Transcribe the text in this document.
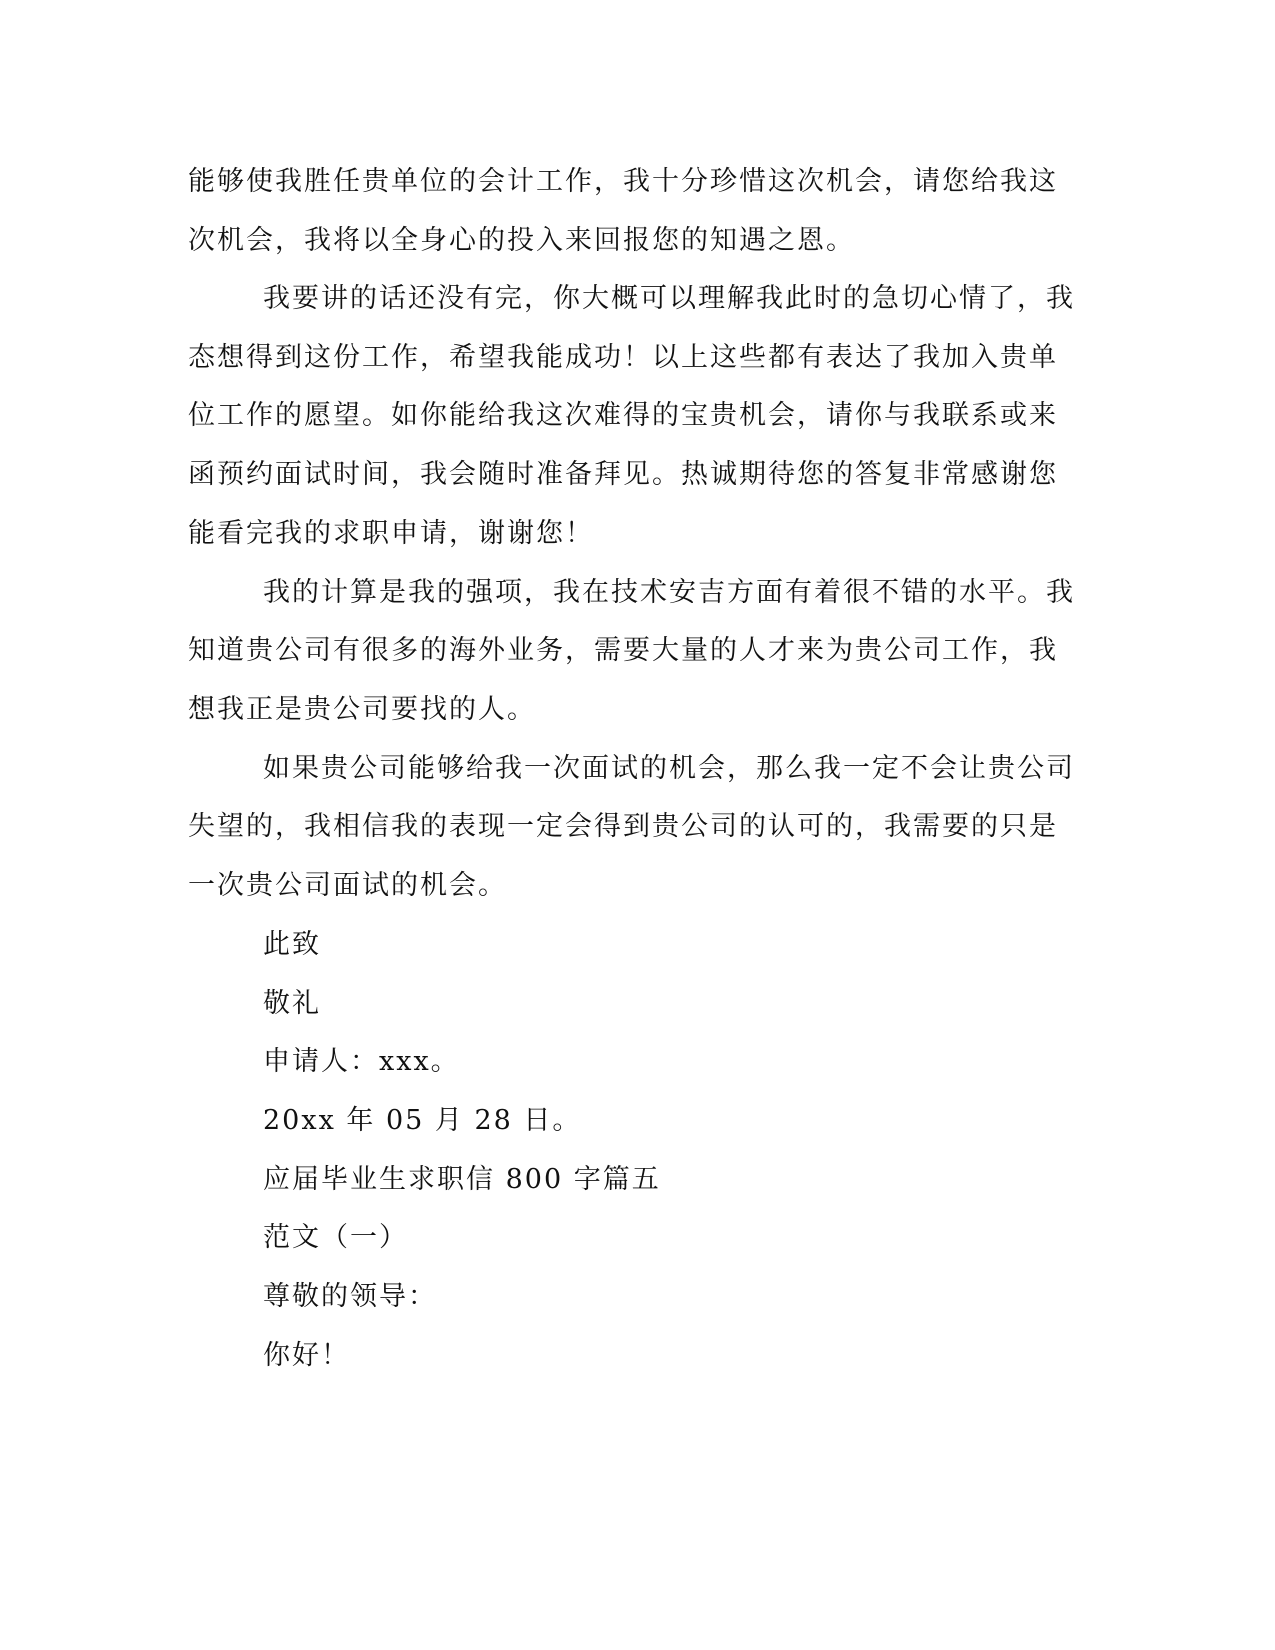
能够使我胜任贵单位的会计工作，我十分珍惜这次机会，请您给我这
次机会，我将以全身心的投入来回报您的知遇之恩。
我要讲的话还没有完，你大概可以理解我此时的急切心情了，我
态想得到这份工作，希望我能成功！以上这些都有表达了我加入贵单
位工作的愿望。如你能给我这次难得的宝贵机会，请你与我联系或来
函预约面试时间，我会随时准备拜见。热诚期待您的答复非常感谢您
能看完我的求职申请，谢谢您！
我的计算是我的强项，我在技术安吉方面有着很不错的水平。我
知道贵公司有很多的海外业务，需要大量的人才来为贵公司工作，我
想我正是贵公司要找的人。
如果贵公司能够给我一次面试的机会，那么我一定不会让贵公司
失望的，我相信我的表现一定会得到贵公司的认可的，我需要的只是
一次贵公司面试的机会。
此致
敬礼
申请人：xxx。
20xx 年 05 月 28 日。
应届毕业生求职信 800 字篇五
范文（一）
尊敬的领导：
你好！
